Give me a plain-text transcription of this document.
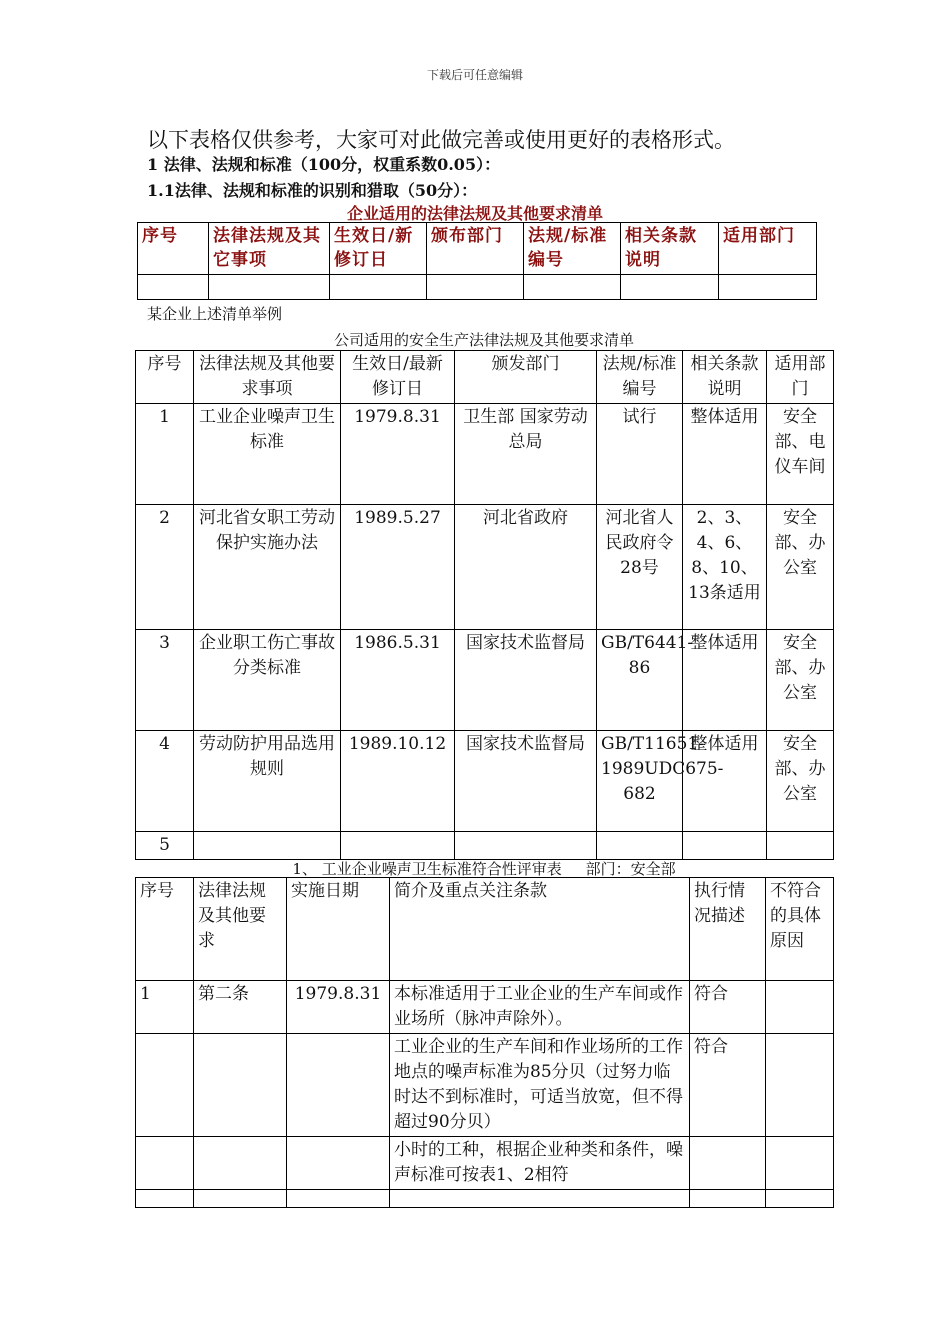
下载后可任意编辑
以下表格仅供参考，大家可对此做完善或使用更好的表格形式。
1 法律、法规和标准（100分，权重系数0.05）：
1.1法律、法规和标准的识别和猎取（50分）：
企业适用的法律法规及其他要求清单
序号	法律法规及其它事项	生效日/新修订日	颁布部门	法规/标准编号	相关条款说明	适用部门

某企业上述清单举例
公司适用的安全生产法律法规及其他要求清单
序号	法律法规及其他要求事项	生效日/最新修订日	颁发部门	法规/标准编号	相关条款说明	适用部门
1	工业企业噪声卫生标准	1979.8.31	卫生部 国家劳动总局	试行	整体适用	安全部、电仪车间
2	河北省女职工劳动保护实施办法	1989.5.27	河北省政府	河北省人民政府令28号	2、3、4、6、8、10、13条适用	安全部、办公室
3	企业职工伤亡事故分类标准	1986.5.31	国家技术监督局	GB/T6441-86	整体适用	安全部、办公室
4	劳动防护用品选用规则	1989.10.12	国家技术监督局	GB/T11651-1989UDC675-682	整体适用	安全部、办公室
5						
1、 工业企业噪声卫生标准符合性评审表     部门：安全部
序号	法律法规及其他要求	实施日期	简介及重点关注条款	执行情况描述	不符合的具体原因
1	第二条	1979.8.31	本标准适用于工业企业的生产车间或作业场所（脉冲声除外）。	符合	
			工业企业的生产车间和作业场所的工作地点的噪声标准为85分贝（过努力临时达不到标准时，可适当放宽，但不得超过90分贝）	符合	
			小时的工种，根据企业种类和条件，噪声标准可按表1、2相符		
